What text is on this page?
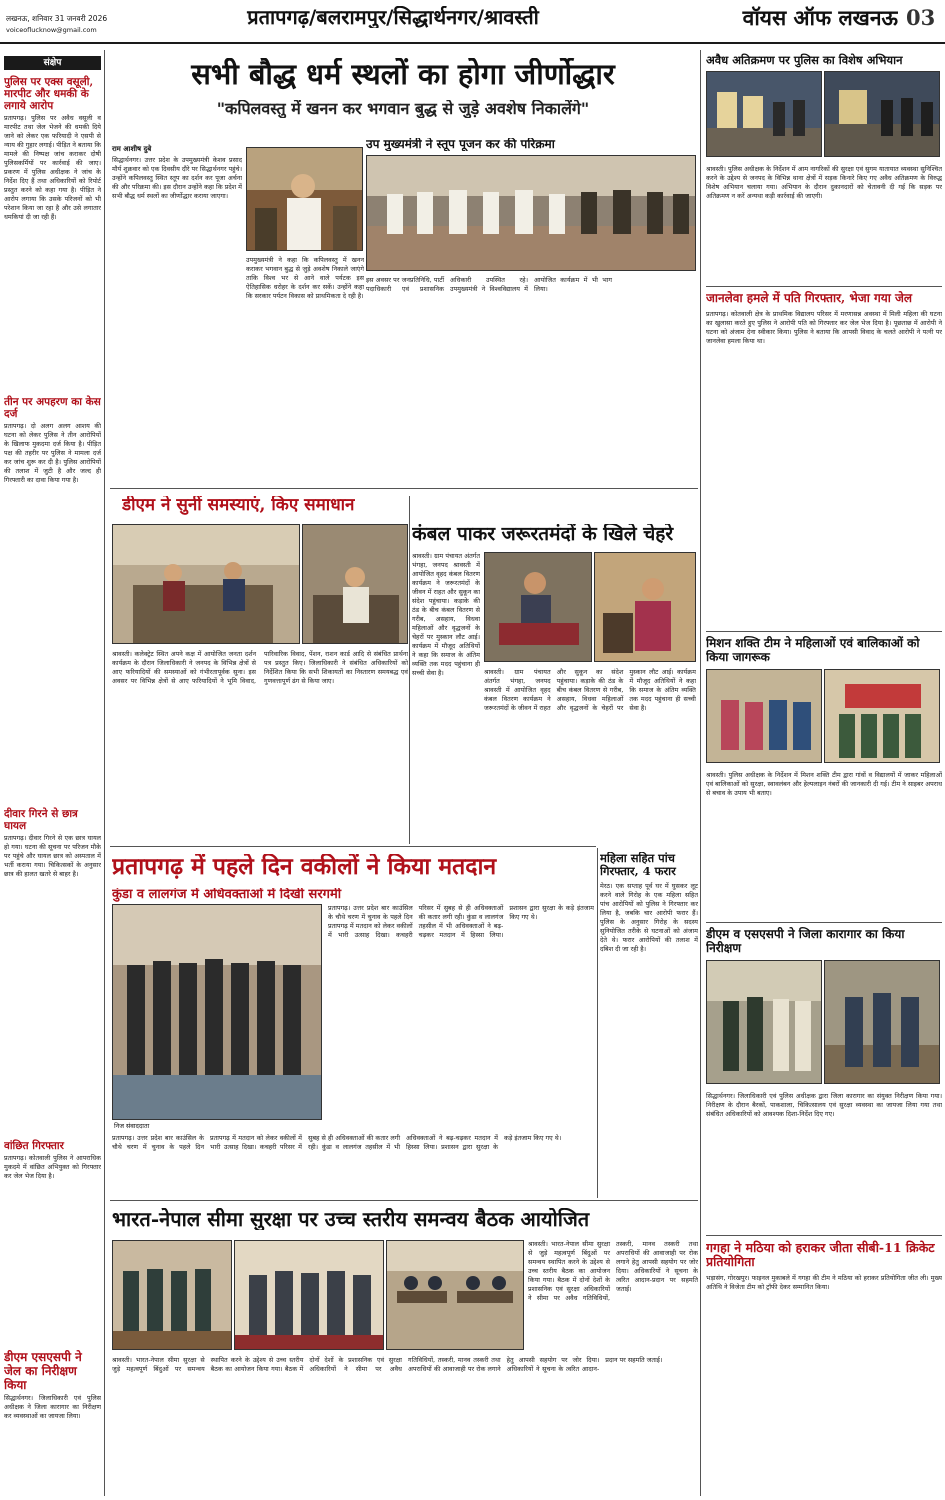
लखनऊ, शनिवार 31 जनवरी 2026
voiceoflucknow@gmail.com
प्रतापगढ़/बलरामपुर/सिद्धार्थनगर/श्रावस्ती	वॉयस ऑफ लखनऊ 03
संक्षेप
पुलिस पर एक्स वसूली, मारपीट और धमकी के लगाये आरोप
प्रतापगढ़। पुलिस पर अवैध वसूली व मारपीट तथा जेल भेजने की धमकी दिये जाने को लेकर एक फरियादी ने एसपी से न्याय की गुहार लगाई। पीड़ित ने बताया कि मामले की निष्पक्ष जांच कराकर दोषी पुलिसकर्मियों पर कार्रवाई की जाए। प्रकरण में पुलिस अधीक्षक ने जांच के निर्देश दिए हैं तथा अधिकारियों को रिपोर्ट प्रस्तुत करने को कहा गया है। पीड़ित ने आरोप लगाया कि उसके परिजनों को भी परेशान किया जा रहा है और उसे लगातार धमकियां दी जा रही हैं।
तीन पर अपहरण का केस दर्ज
प्रतापगढ़। दो अलग अलग आशय की घटना को लेकर पुलिस ने तीन आरोपियों के खिलाफ मुकदमा दर्ज किया है। पीड़ित पक्ष की तहरीर पर पुलिस ने मामला दर्ज कर जांच शुरू कर दी है। पुलिस आरोपियों की तलाश में जुटी है और जल्द ही गिरफ्तारी का दावा किया गया है।
दीवार गिरने से छात्र घायल
प्रतापगढ़। दीवार गिरने से एक छात्र घायल हो गया। घटना की सूचना पर परिजन मौके पर पहुंचे और घायल छात्र को अस्पताल में भर्ती कराया गया। चिकित्सकों के अनुसार छात्र की हालत खतरे से बाहर है।
वांछित गिरफ्तार
प्रतापगढ़। कोतवाली पुलिस ने आपराधिक मुकदमे में वांछित अभियुक्त को गिरफ्तार कर जेल भेज दिया है।
डीएम एसएसपी ने जेल का निरीक्षण किया
सिद्धार्थनगर। जिलाधिकारी एवं पुलिस अधीक्षक ने जिला कारागार का निरीक्षण कर व्यवस्थाओं का जायजा लिया।
सभी बौद्ध धर्म स्थलों का होगा जीर्णोद्धार
"कपिलवस्तु में खनन कर भगवान बुद्ध से जुड़े अवशेष निकालेंगे"
राम आशीष दुबे	उप मुख्यमंत्री ने स्तूप पूजन कर की परिक्रमा
सिद्धार्थनगर। उत्तर प्रदेश के उपमुख्यमंत्री केशव प्रसाद मौर्य शुक्रवार को एक दिवसीय दौरे पर सिद्धार्थनगर पहुंचे। उन्होंने कपिलवस्तु स्थित स्तूप का दर्शन कर पूजा अर्चना की और परिक्रमा की। इस दौरान उन्होंने कहा कि प्रदेश में सभी बौद्ध धर्म स्थलों का जीर्णोद्धार कराया जाएगा।
उपमुख्यमंत्री ने कहा कि कपिलवस्तु में खनन कराकर भगवान बुद्ध से जुड़े अवशेष निकाले जाएंगे ताकि विश्व भर से आने वाले पर्यटक इस ऐतिहासिक धरोहर के दर्शन कर सकें। उन्होंने कहा कि सरकार पर्यटन विकास को प्राथमिकता दे रही है।
इस अवसर पर जनप्रतिनिधि, पार्टी पदाधिकारी एवं प्रशासनिक अधिकारी उपस्थित रहे। उपमुख्यमंत्री ने विश्वविद्यालय में आयोजित कार्यक्रम में भी भाग लिया।
डीएम ने सुनीं समस्याएं, किए समाधान
श्रावस्ती। कलेक्ट्रेट स्थित अपने कक्ष में आयोजित जनता दर्शन कार्यक्रम के दौरान जिलाधिकारी ने जनपद के विभिन्न क्षेत्रों से आए फरियादियों की समस्याओं को गंभीरतापूर्वक सुना। इस अवसर पर विभिन्न क्षेत्रों से आए फरियादियों ने भूमि विवाद, पारिवारिक विवाद, पेंशन, राशन कार्ड आदि से संबंधित प्रार्थना पत्र प्रस्तुत किए। जिलाधिकारी ने संबंधित अधिकारियों को निर्देशित किया कि सभी शिकायतों का निस्तारण समयबद्ध एवं गुणवत्तापूर्ण ढंग से किया जाए।
कंबल पाकर जरूरतमंदों के खिले चेहरे
श्रावस्ती। ग्राम पंचायत अंतर्गत भंगहा, जनपद श्रावस्ती में आयोजित वृहद कंबल वितरण कार्यक्रम ने जरूरतमंदों के जीवन में राहत और सुकून का संदेश पहुंचाया। कड़ाके की ठंड के बीच कंबल वितरण से गरीब, असहाय, विधवा महिलाओं और वृद्धजनों के चेहरों पर मुस्कान लौट आई। कार्यक्रम में मौजूद अतिथियों ने कहा कि समाज के अंतिम व्यक्ति तक मदद पहुंचाना ही सच्ची सेवा है।	श्रावस्ती। ग्राम पंचायत अंतर्गत भंगहा, जनपद श्रावस्ती में आयोजित वृहद कंबल वितरण कार्यक्रम ने जरूरतमंदों के जीवन में राहत और सुकून का संदेश पहुंचाया। कड़ाके की ठंड के बीच कंबल वितरण से गरीब, असहाय, विधवा महिलाओं और वृद्धजनों के चेहरों पर मुस्कान लौट आई। कार्यक्रम में मौजूद अतिथियों ने कहा कि समाज के अंतिम व्यक्ति तक मदद पहुंचाना ही सच्ची सेवा है।
महिला सहित पांच गिरफ्तार, 4 फरार
मेरठ। एक सप्ताह पूर्व घर में घुसकर लूट करने वाले गिरोह के एक महिला सहित पांच आरोपियों को पुलिस ने गिरफ्तार कर लिया है, जबकि चार आरोपी फरार हैं। पुलिस के अनुसार गिरोह के सदस्य सुनियोजित तरीके से घटनाओं को अंजाम देते थे। फरार आरोपियों की तलाश में दबिश दी जा रही है।
प्रतापगढ़ में पहले दिन वकीलों ने किया मतदान
कुंडा व लालगंज में अधिवक्ताओं में दिखी सरगर्मी
निज संवाददाता
प्रतापगढ़। उत्तर प्रदेश बार काउंसिल के चौथे चरण में चुनाव के पहले दिन प्रतापगढ़ में मतदान को लेकर वकीलों में भारी उत्साह दिखा। कचहरी परिसर में सुबह से ही अधिवक्ताओं की कतार लगी रही। कुंडा व लालगंज तहसील में भी अधिवक्ताओं ने बढ़-चढ़कर मतदान में हिस्सा लिया। प्रशासन द्वारा सुरक्षा के कड़े इंतजाम किए गए थे।
प्रतापगढ़। उत्तर प्रदेश बार काउंसिल के चौथे चरण में चुनाव के पहले दिन प्रतापगढ़ में मतदान को लेकर वकीलों में भारी उत्साह दिखा। कचहरी परिसर में सुबह से ही अधिवक्ताओं की कतार लगी रही। कुंडा व लालगंज तहसील में भी अधिवक्ताओं ने बढ़-चढ़कर मतदान में हिस्सा लिया। प्रशासन द्वारा सुरक्षा के कड़े इंतजाम किए गए थे।
भारत-नेपाल सीमा सुरक्षा पर उच्च स्तरीय समन्वय बैठक आयोजित
श्रावस्ती। भारत-नेपाल सीमा सुरक्षा से जुड़े महत्वपूर्ण बिंदुओं पर समन्वय स्थापित करने के उद्देश्य से उच्च स्तरीय बैठक का आयोजन किया गया। बैठक में दोनों देशों के प्रशासनिक एवं सुरक्षा अधिकारियों ने सीमा पर अवैध गतिविधियों, तस्करी, मानव तस्करी तथा अपराधियों की आवाजाही पर रोक लगाने हेतु आपसी सहयोग पर जोर दिया। अधिकारियों ने सूचना के त्वरित आदान-प्रदान पर सहमति जताई।
श्रावस्ती। भारत-नेपाल सीमा सुरक्षा से जुड़े महत्वपूर्ण बिंदुओं पर समन्वय स्थापित करने के उद्देश्य से उच्च स्तरीय बैठक का आयोजन किया गया। बैठक में दोनों देशों के प्रशासनिक एवं सुरक्षा अधिकारियों ने सीमा पर अवैध गतिविधियों, तस्करी, मानव तस्करी तथा अपराधियों की आवाजाही पर रोक लगाने हेतु आपसी सहयोग पर जोर दिया। अधिकारियों ने सूचना के त्वरित आदान-प्रदान पर सहमति जताई।
अवैध अतिक्रमण पर पुलिस का विशेष अभियान
श्रावस्ती। पुलिस अधीक्षक के निर्देशन में आम नागरिकों की सुरक्षा एवं सुगम यातायात व्यवस्था सुनिश्चित करने के उद्देश्य से जनपद के विभिन्न थाना क्षेत्रों में सड़क किनारे किए गए अवैध अतिक्रमण के विरुद्ध विशेष अभियान चलाया गया। अभियान के दौरान दुकानदारों को चेतावनी दी गई कि सड़क पर अतिक्रमण न करें अन्यथा कड़ी कार्रवाई की जाएगी।
जानलेवा हमले में पति गिरफ्तार, भेजा गया जेल
प्रतापगढ़। कोतवाली क्षेत्र के प्राथमिक विद्यालय परिसर में मरणासन्न अवस्था में मिली महिला की घटना का खुलासा करते हुए पुलिस ने आरोपी पति को गिरफ्तार कर जेल भेज दिया है। पूछताछ में आरोपी ने घटना को अंजाम देना स्वीकार किया। पुलिस ने बताया कि आपसी विवाद के चलते आरोपी ने पत्नी पर जानलेवा हमला किया था।
मिशन शक्ति टीम ने महिलाओं एवं बालिकाओं को किया जागरूक
श्रावस्ती। पुलिस अधीक्षक के निर्देशन में मिशन शक्ति टीम द्वारा गांवों व विद्यालयों में जाकर महिलाओं एवं बालिकाओं को सुरक्षा, स्वावलंबन और हेल्पलाइन नंबरों की जानकारी दी गई। टीम ने साइबर अपराध से बचाव के उपाय भी बताए।
डीएम व एसएसपी ने जिला कारागार का किया निरीक्षण
सिद्धार्थनगर। जिलाधिकारी एवं पुलिस अधीक्षक द्वारा जिला कारागार का संयुक्त निरीक्षण किया गया। निरीक्षण के दौरान बैरकों, पाकशाला, चिकित्सालय एवं सुरक्षा व्यवस्था का जायजा लिया गया तथा संबंधित अधिकारियों को आवश्यक दिशा-निर्देश दिए गए।
गगहा ने मठिया को हराकर जीता सीबी-11 क्रिकेट प्रतियोगिता
भड़ासंग, गोरखपुर। फाइनल मुकाबले में गगहा की टीम ने मठिया को हराकर प्रतियोगिता जीत ली। मुख्य अतिथि ने विजेता टीम को ट्रॉफी देकर सम्मानित किया।
